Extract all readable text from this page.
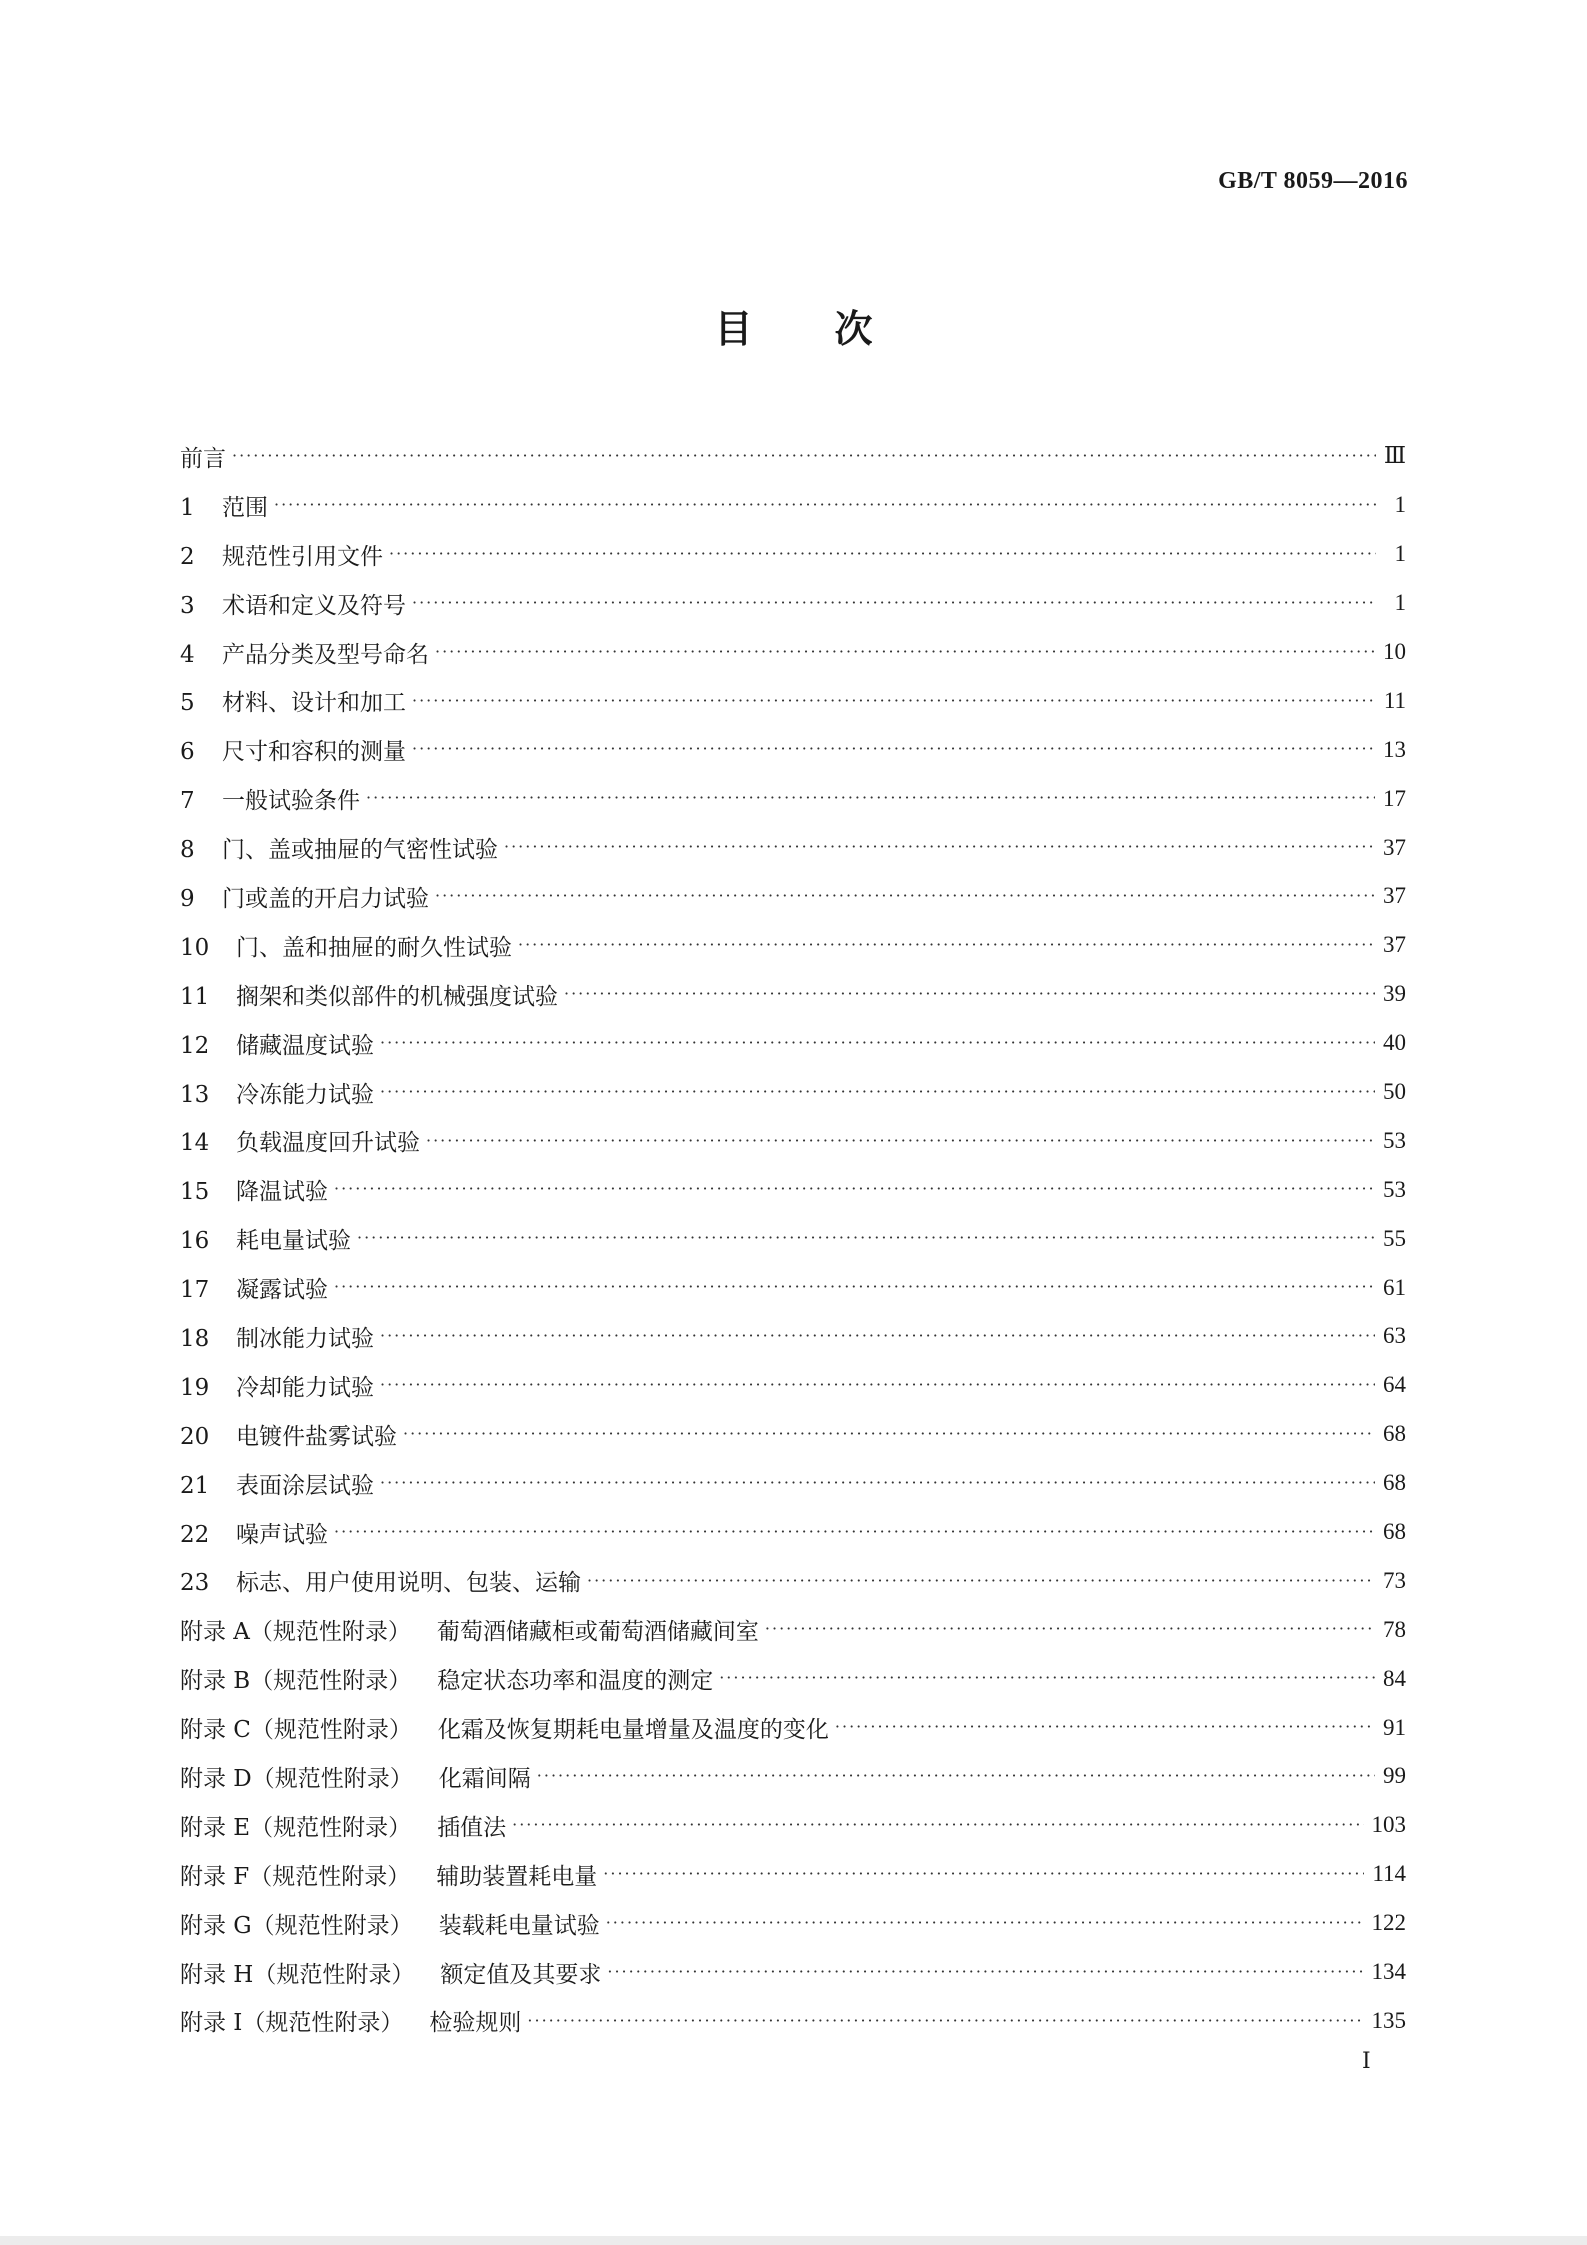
GB/T 8059—2016
目次
前言 ·····	Ⅲ
1 范围 ·····	1
2 规范性引用文件 ·····	1
3 术语和定义及符号 ·····	1
4 产品分类及型号命名 ·····	10
5 材料、设计和加工 ·····	11
6 尺寸和容积的测量 ·····	13
7 一般试验条件 ·····	17
8 门、盖或抽屉的气密性试验 ·····	37
9 门或盖的开启力试验 ·····	37
10 门、盖和抽屉的耐久性试验 ·····	37
11 搁架和类似部件的机械强度试验 ·····	39
12 储藏温度试验 ·····	40
13 冷冻能力试验 ·····	50
14 负载温度回升试验 ·····	53
15 降温试验 ·····	53
16 耗电量试验 ·····	55
17 凝露试验 ·····	61
18 制冰能力试验 ·····	63
19 冷却能力试验 ·····	64
20 电镀件盐雾试验 ·····	68
21 表面涂层试验 ·····	68
22 噪声试验 ·····	68
23 标志、用户使用说明、包装、运输 ·····	73
附录 A（规范性附录） 葡萄酒储藏柜或葡萄酒储藏间室 ·····	78
附录 B（规范性附录） 稳定状态功率和温度的测定 ·····	84
附录 C（规范性附录） 化霜及恢复期耗电量增量及温度的变化 ·····	91
附录 D（规范性附录） 化霜间隔 ·····	99
附录 E（规范性附录） 插值法 ·····	103
附录 F（规范性附录） 辅助装置耗电量 ·····	114
附录 G（规范性附录） 装载耗电量试验 ·····	122
附录 H（规范性附录） 额定值及其要求 ·····	134
附录 I（规范性附录） 检验规则 ·····	135
Ⅰ
